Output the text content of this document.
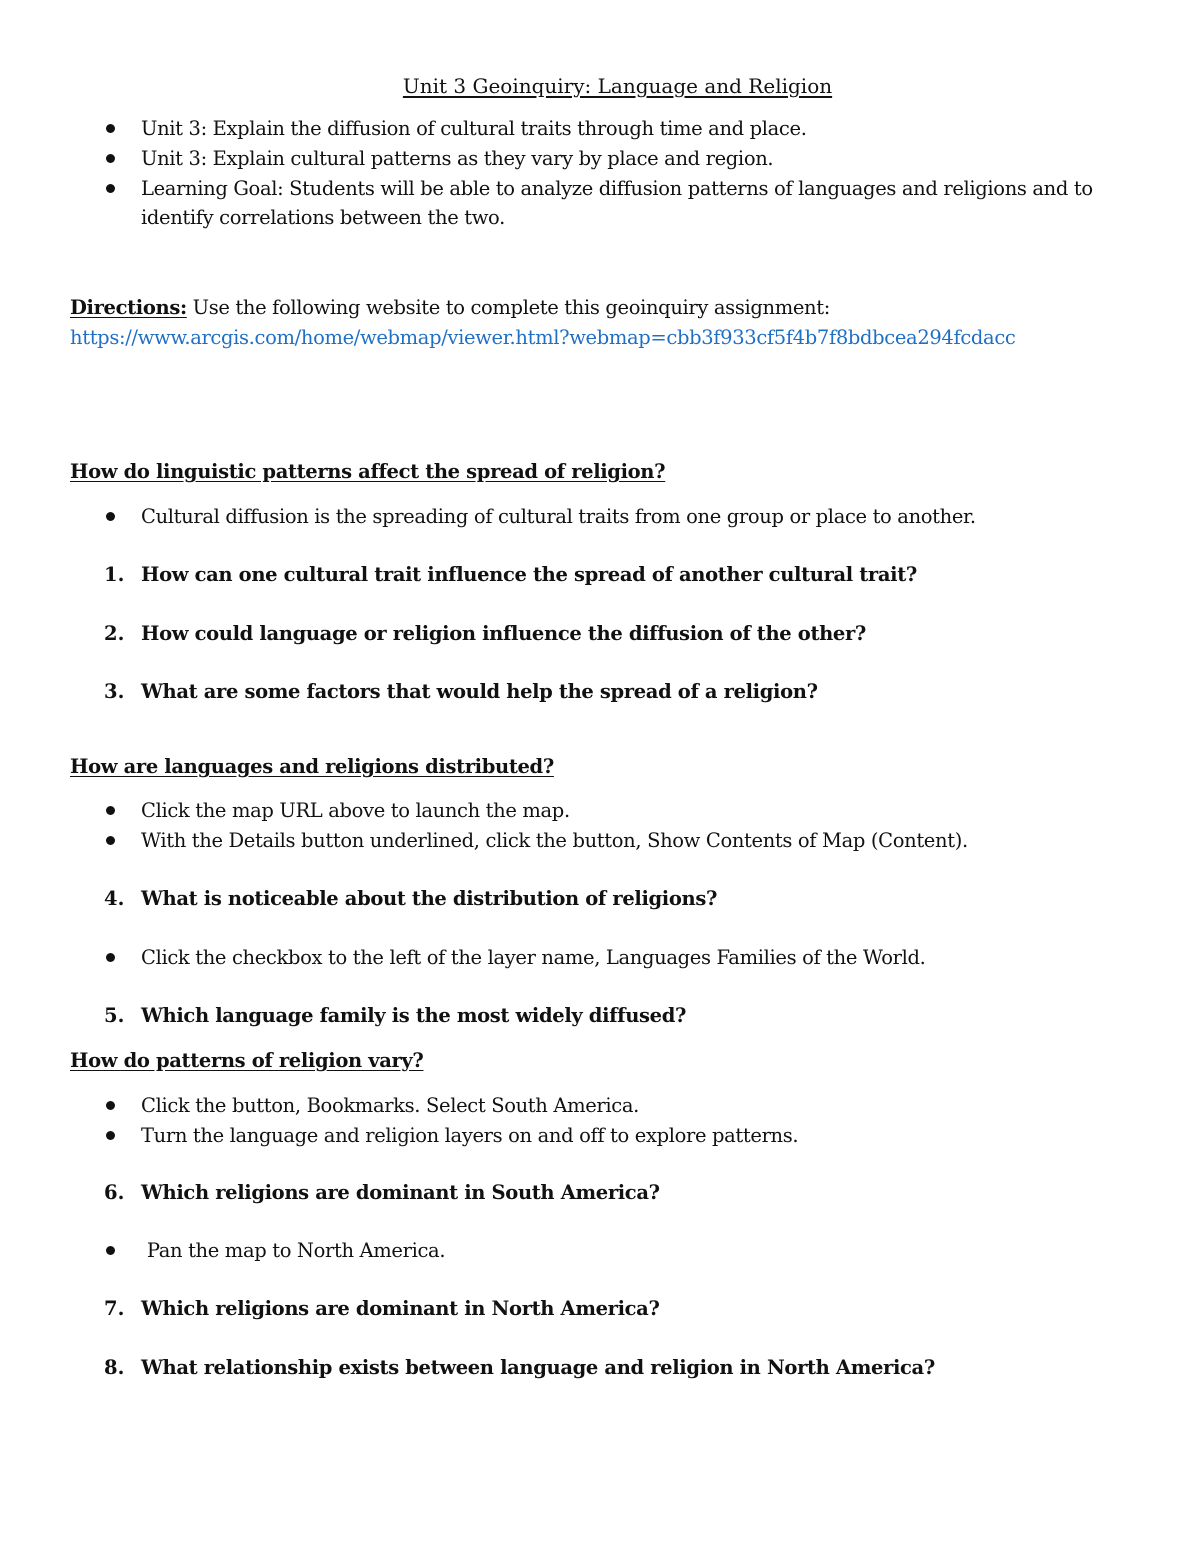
Unit 3 Geoinquiry: Language and Religion
Unit 3: Explain the diffusion of cultural traits through time and place.
Unit 3: Explain cultural patterns as they vary by place and region.
Learning Goal: Students will be able to analyze diffusion patterns of languages and religions and to
identify correlations between the two.
Directions: Use the following website to complete this geoinquiry assignment:
https://www.arcgis.com/home/webmap/viewer.html?webmap=cbb3f933cf5f4b7f8bdbcea294fcdacc
How do linguistic patterns affect the spread of religion?
Cultural diffusion is the spreading of cultural traits from one group or place to another.
1. How can one cultural trait influence the spread of another cultural trait?
2. How could language or religion influence the diffusion of the other?
3. What are some factors that would help the spread of a religion?
How are languages and religions distributed?
Click the map URL above to launch the map.
With the Details button underlined, click the button, Show Contents of Map (Content).
4. What is noticeable about the distribution of religions?
Click the checkbox to the left of the layer name, Languages Families of the World.
5. Which language family is the most widely diffused?
How do patterns of religion vary?
Click the button, Bookmarks. Select South America.
Turn the language and religion layers on and off to explore patterns.
6. Which religions are dominant in South America?
Pan the map to North America.
7. Which religions are dominant in North America?
8. What relationship exists between language and religion in North America?
